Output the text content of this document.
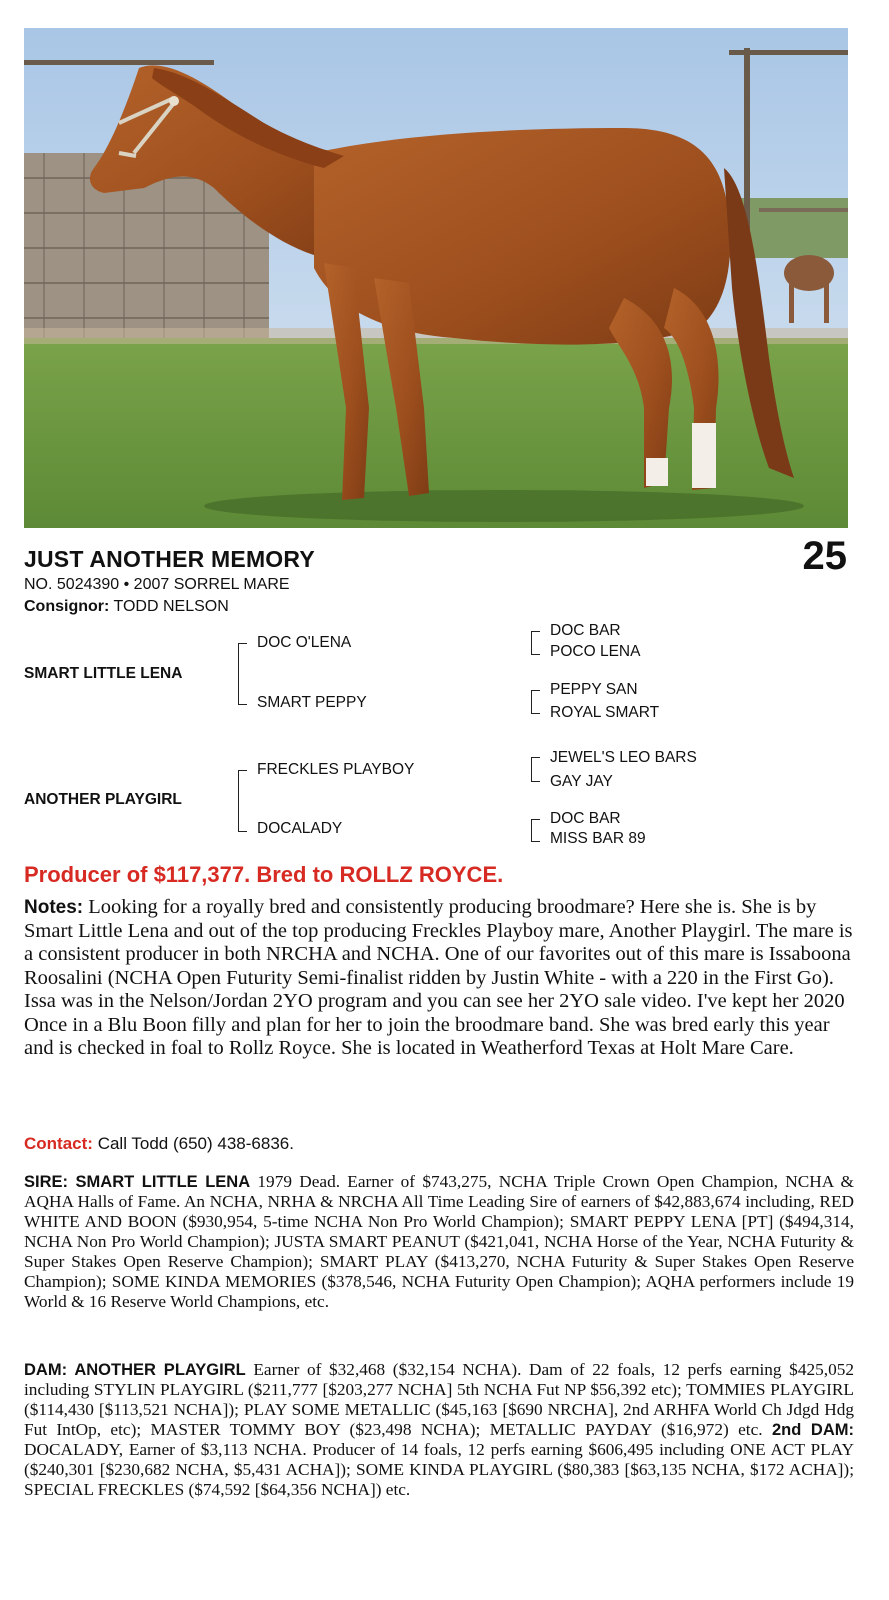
JUST ANOTHER MEMORY	25
NO. 5024390 • 2007 SORREL MARE
Consignor: TODD NELSON
SMART LITTLE LENA
ANOTHER PLAYGIRL
DOC O'LENA
SMART PEPPY
FRECKLES PLAYBOY
DOCALADY
DOC BAR
POCO LENA
PEPPY SAN
ROYAL SMART
JEWEL'S LEO BARS
GAY JAY
DOC BAR
MISS BAR 89
Producer of $117,377. Bred to ROLLZ ROYCE.
Notes: Looking for a royally bred and consistently producing broodmare? Here she is. She is by Smart Little Lena and out of the top producing Freckles Playboy mare, Another Playgirl. The mare is a consistent producer in both NRCHA and NCHA. One of our favorites out of this mare is Issaboona Roosalini (NCHA Open Futurity Semi-finalist ridden by Justin White - with a 220 in the First Go). Issa was in the Nelson/Jordan 2YO program and you can see her 2YO sale video. I've kept her 2020 Once in a Blu Boon filly and plan for her to join the broodmare band. She was bred early this year and is checked in foal to Rollz Royce. She is located in Weatherford Texas at Holt Mare Care.
Contact: Call Todd (650) 438-6836.
SIRE: SMART LITTLE LENA 1979 Dead. Earner of $743,275, NCHA Triple Crown Open Champion, NCHA & AQHA Halls of Fame. An NCHA, NRHA & NRCHA All Time Leading Sire of earners of $42,883,674 including, RED WHITE AND BOON ($930,954, 5-time NCHA Non Pro World Champion); SMART PEPPY LENA [PT] ($494,314, NCHA Non Pro World Champion); JUSTA SMART PEANUT ($421,041, NCHA Horse of the Year, NCHA Futurity & Super Stakes Open Reserve Champion); SMART PLAY ($413,270, NCHA Futurity & Super Stakes Open Reserve Champion); SOME KINDA MEMORIES ($378,546, NCHA Futurity Open Champion); AQHA performers include 19 World & 16 Reserve World Champions, etc.
DAM: ANOTHER PLAYGIRL Earner of $32,468 ($32,154 NCHA). Dam of 22 foals, 12 perfs earning $425,052 including STYLIN PLAYGIRL ($211,777 [$203,277 NCHA] 5th NCHA Fut NP $56,392 etc); TOMMIES PLAYGIRL ($114,430 [$113,521 NCHA]); PLAY SOME METALLIC ($45,163 [$690 NRCHA], 2nd ARHFA World Ch Jdgd Hdg Fut IntOp, etc); MASTER TOMMY BOY ($23,498 NCHA); METALLIC PAYDAY ($16,972) etc. 2nd DAM: DOCALADY, Earner of $3,113 NCHA. Producer of 14 foals, 12 perfs earning $606,495 including ONE ACT PLAY ($240,301 [$230,682 NCHA, $5,431 ACHA]); SOME KINDA PLAYGIRL ($80,383 [$63,135 NCHA, $172 ACHA]); SPECIAL FRECKLES ($74,592 [$64,356 NCHA]) etc.
